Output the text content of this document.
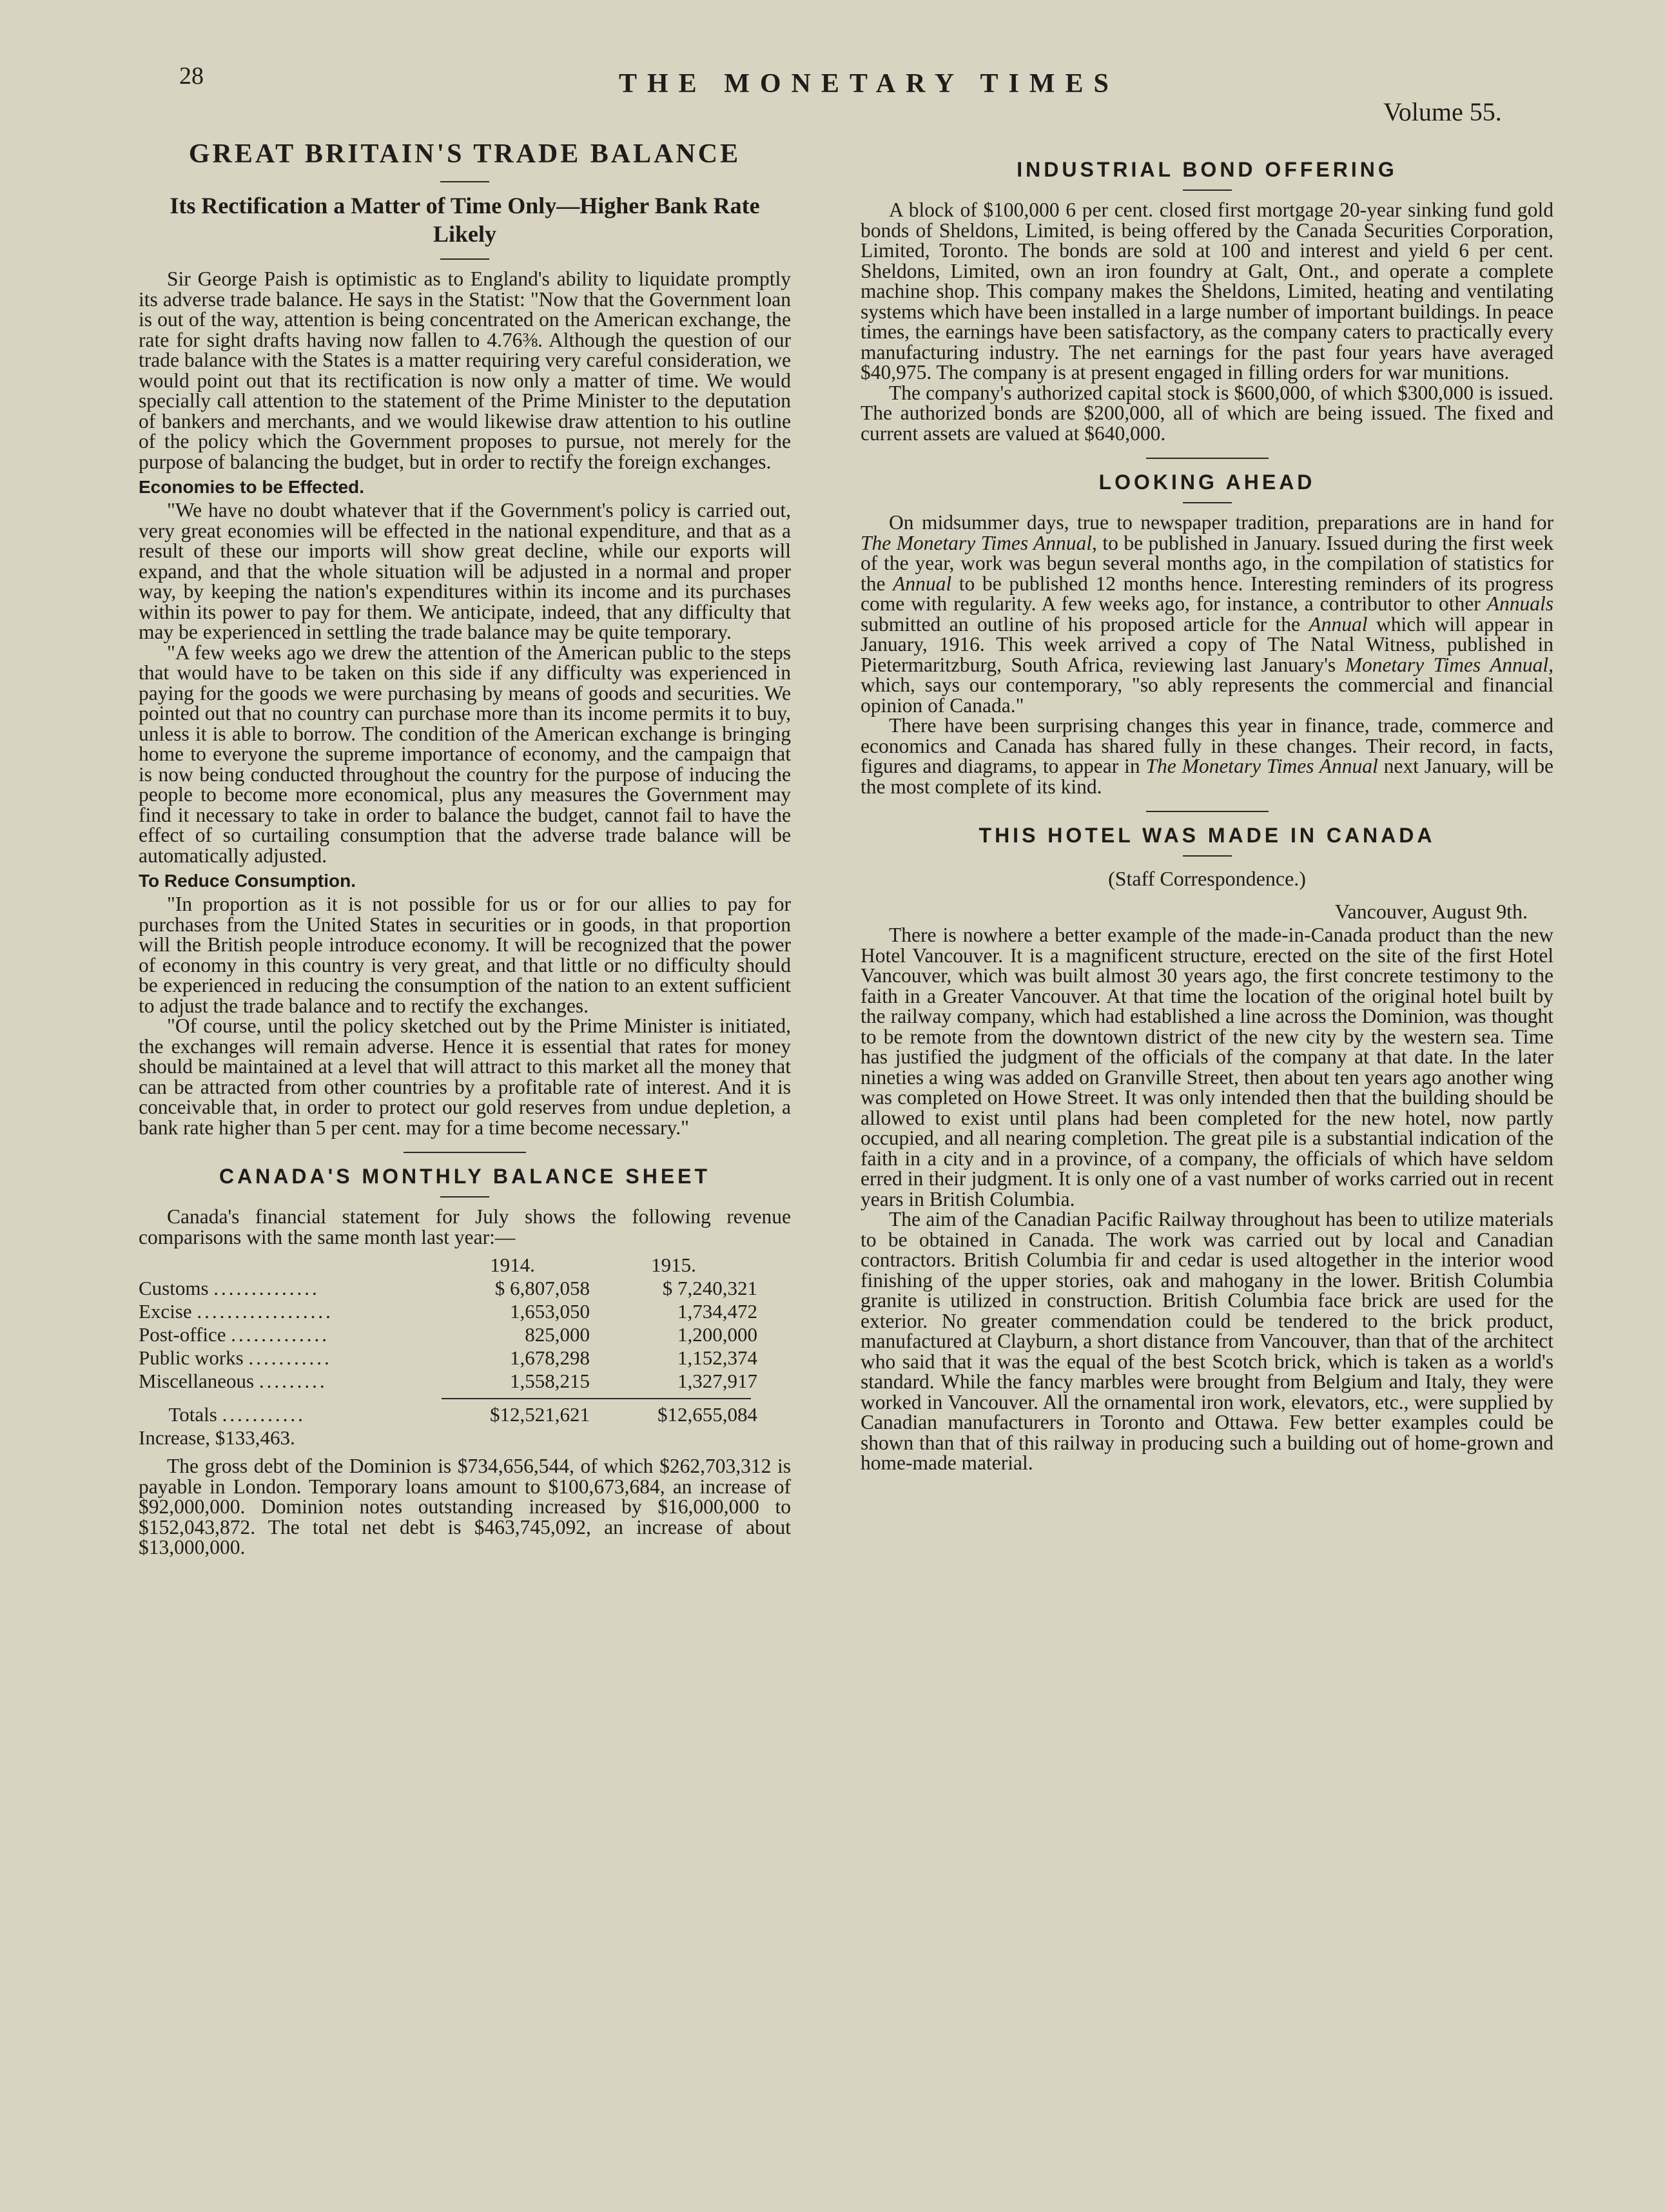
28	THE MONETARY TIMES
Volume 55.
GREAT BRITAIN'S TRADE BALANCE
Its Rectification a Matter of Time Only—Higher Bank Rate Likely

Sir George Paish is optimistic as to England's ability to liquidate promptly its adverse trade balance. He says in the Statist: "Now that the Government loan is out of the way, attention is being concentrated on the American exchange, the rate for sight drafts having now fallen to 4.76⅜. Although the question of our trade balance with the States is a matter requiring very careful consideration, we would point out that its rectification is now only a matter of time. We would specially call attention to the statement of the Prime Minister to the deputation of bankers and merchants, and we would likewise draw attention to his outline of the policy which the Government proposes to pursue, not merely for the purpose of balancing the budget, but in order to rectify the foreign exchanges.

Economies to be Effected.

"We have no doubt whatever that if the Government's policy is carried out, very great economies will be effected in the national expenditure, and that as a result of these our imports will show great decline, while our exports will expand, and that the whole situation will be adjusted in a normal and proper way, by keeping the nation's expenditures within its income and its purchases within its power to pay for them. We anticipate, indeed, that any difficulty that may be experienced in settling the trade balance may be quite temporary.

"A few weeks ago we drew the attention of the American public to the steps that would have to be taken on this side if any difficulty was experienced in paying for the goods we were purchasing by means of goods and securities. We pointed out that no country can purchase more than its income permits it to buy, unless it is able to borrow. The condition of the American exchange is bringing home to everyone the supreme importance of economy, and the campaign that is now being conducted throughout the country for the purpose of inducing the people to become more economical, plus any measures the Government may find it necessary to take in order to balance the budget, cannot fail to have the effect of so curtailing consumption that the adverse trade balance will be automatically adjusted.

To Reduce Consumption.

"In proportion as it is not possible for us or for our allies to pay for purchases from the United States in securities or in goods, in that proportion will the British people introduce economy. It will be recognized that the power of economy in this country is very great, and that little or no difficulty should be experienced in reducing the consumption of the nation to an extent sufficient to adjust the trade balance and to rectify the exchanges.

"Of course, until the policy sketched out by the Prime Minister is initiated, the exchanges will remain adverse. Hence it is essential that rates for money should be maintained at a level that will attract to this market all the money that can be attracted from other countries by a profitable rate of interest. And it is conceivable that, in order to protect our gold reserves from undue depletion, a bank rate higher than 5 per cent. may for a time become necessary."

CANADA'S MONTHLY BALANCE SHEET

Canada's financial statement for July shows the following revenue comparisons with the same month last year:—

1914.	1915.
Customs ..............	$ 6,807,058	$ 7,240,321
Excise ..................	1,653,050	1,734,472
Post-office .............	825,000	1,200,000
Public works ...........	1,678,298	1,152,374
Miscellaneous .........	1,558,215	1,327,917
Totals ...........	$12,521,621	$12,655,084
Increase, $133,463.

The gross debt of the Dominion is $734,656,544, of which $262,703,312 is payable in London. Temporary loans amount to $100,673,684, an increase of $92,000,000. Dominion notes outstanding increased by $16,000,000 to $152,043,872. The total net debt is $463,745,092, an increase of about $13,000,000.

INDUSTRIAL BOND OFFERING

A block of $100,000 6 per cent. closed first mortgage 20-year sinking fund gold bonds of Sheldons, Limited, is being offered by the Canada Securities Corporation, Limited, Toronto. The bonds are sold at 100 and interest and yield 6 per cent. Sheldons, Limited, own an iron foundry at Galt, Ont., and operate a complete machine shop. This company makes the Sheldons, Limited, heating and ventilating systems which have been installed in a large number of important buildings. In peace times, the earnings have been satisfactory, as the company caters to practically every manufacturing industry. The net earnings for the past four years have averaged $40,975. The company is at present engaged in filling orders for war munitions.

The company's authorized capital stock is $600,000, of which $300,000 is issued. The authorized bonds are $200,000, all of which are being issued. The fixed and current assets are valued at $640,000.

LOOKING AHEAD

On midsummer days, true to newspaper tradition, preparations are in hand for The Monetary Times Annual, to be published in January. Issued during the first week of the year, work was begun several months ago, in the compilation of statistics for the Annual to be published 12 months hence. Interesting reminders of its progress come with regularity. A few weeks ago, for instance, a contributor to other Annuals submitted an outline of his proposed article for the Annual which will appear in January, 1916. This week arrived a copy of The Natal Witness, published in Pietermaritzburg, South Africa, reviewing last January's Monetary Times Annual, which, says our contemporary, "so ably represents the commercial and financial opinion of Canada."

There have been surprising changes this year in finance, trade, commerce and economics and Canada has shared fully in these changes. Their record, in facts, figures and diagrams, to appear in The Monetary Times Annual next January, will be the most complete of its kind.

THIS HOTEL WAS MADE IN CANADA
(Staff Correspondence.)
Vancouver, August 9th.

There is nowhere a better example of the made-in-Canada product than the new Hotel Vancouver. It is a magnificent structure, erected on the site of the first Hotel Vancouver, which was built almost 30 years ago, the first concrete testimony to the faith in a Greater Vancouver. At that time the location of the original hotel built by the railway company, which had established a line across the Dominion, was thought to be remote from the downtown district of the new city by the western sea. Time has justified the judgment of the officials of the company at that date. In the later nineties a wing was added on Granville Street, then about ten years ago another wing was completed on Howe Street. It was only intended then that the building should be allowed to exist until plans had been completed for the new hotel, now partly occupied, and all nearing completion. The great pile is a substantial indication of the faith in a city and in a province, of a company, the officials of which have seldom erred in their judgment. It is only one of a vast number of works carried out in recent years in British Columbia.

The aim of the Canadian Pacific Railway throughout has been to utilize materials to be obtained in Canada. The work was carried out by local and Canadian contractors. British Columbia fir and cedar is used altogether in the interior wood finishing of the upper stories, oak and mahogany in the lower. British Columbia granite is utilized in construction. British Columbia face brick are used for the exterior. No greater commendation could be tendered to the brick product, manufactured at Clayburn, a short distance from Vancouver, than that of the architect who said that it was the equal of the best Scotch brick, which is taken as a world's standard. While the fancy marbles were brought from Belgium and Italy, they were worked in Vancouver. All the ornamental iron work, elevators, etc., were supplied by Canadian manufacturers in Toronto and Ottawa. Few better examples could be shown than that of this railway in producing such a building out of home-grown and home-made material.
